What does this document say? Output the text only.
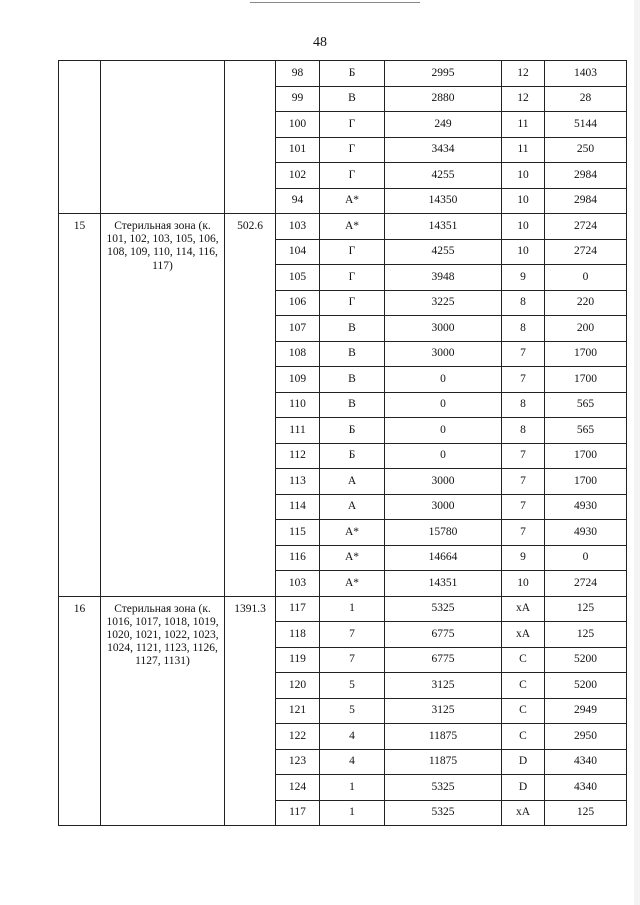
48
			98	Б	2995	12	1403
			99	В	2880	12	28
			100	Г	249	11	5144
			101	Г	3434	11	250
			102	Г	4255	10	2984
			94	А*	14350	10	2984
15	Стерильная зона (к. 101, 102, 103, 105, 106, 108, 109, 110, 114, 116, 117)	502.6	103	А*	14351	10	2724
			104	Г	4255	10	2724
			105	Г	3948	9	0
			106	Г	3225	8	220
			107	В	3000	8	200
			108	В	3000	7	1700
			109	В	0	7	1700
			110	В	0	8	565
			111	Б	0	8	565
			112	Б	0	7	1700
			113	А	3000	7	1700
			114	А	3000	7	4930
			115	А*	15780	7	4930
			116	А*	14664	9	0
			103	А*	14351	10	2724
16	Стерильная зона (к. 1016, 1017, 1018, 1019, 1020, 1021, 1022, 1023, 1024, 1121, 1123, 1126, 1127, 1131)	1391.3	117	1	5325	хА	125
			118	7	6775	хА	125
			119	7	6775	C	5200
			120	5	3125	C	5200
			121	5	3125	C	2949
			122	4	11875	C	2950
			123	4	11875	D	4340
			124	1	5325	D	4340
			117	1	5325	хА	125
